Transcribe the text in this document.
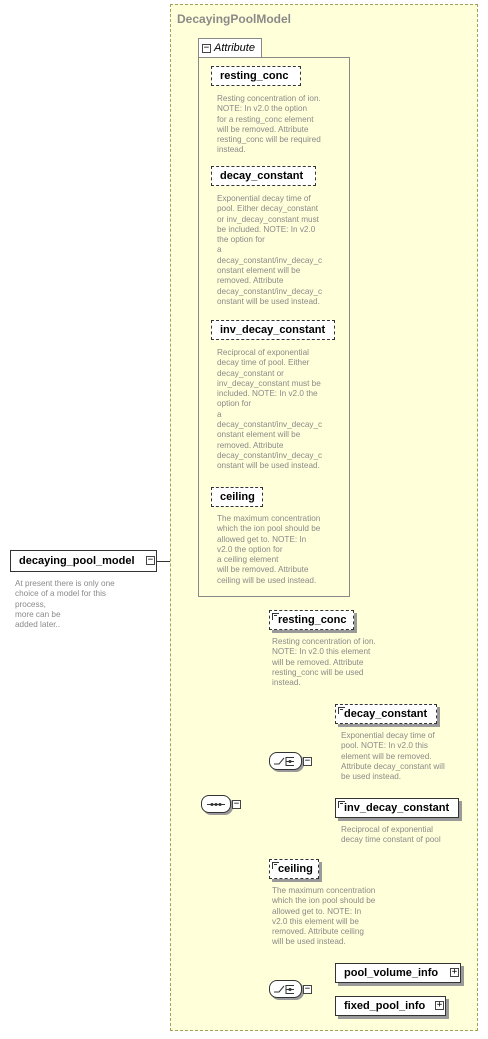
DecayingPoolModel
− Attribute
resting_conc
Resting concentration of ion.
NOTE: In v2.0 the option
for a resting_conc element
will be removed. Attribute
resting_conc will be required
instead.
decay_constant
Exponential decay time of
pool. Either decay_constant
or inv_decay_constant must
be included. NOTE: In v2.0
the option for
a
decay_constant/inv_decay_c
onstant element will be
removed. Attribute
decay_constant/inv_decay_c
onstant will be used instead.
inv_decay_constant
Reciprocal of exponential
decay time of pool. Either
decay_constant or
inv_decay_constant must be
included. NOTE: In v2.0 the
option for
a
decay_constant/inv_decay_c
onstant element will be
removed. Attribute
decay_constant/inv_decay_c
onstant will be used instead.
ceiling
The maximum concentration
which the ion pool should be
allowed get to. NOTE: In
v2.0 the option for
a ceiling element
will be removed. Attribute
ceiling will be used instead.
decaying_pool_model −
At present there is only one
choice of a model for this
process,
more can be
added later..
−
resting_conc
Resting concentration of ion.
NOTE: In v2.0 this element
will be removed. Attribute
resting_conc will be used
instead.
−
decay_constant
Exponential decay time of
pool. NOTE: In v2.0 this
element will be removed.
Attribute decay_constant will
be used instead.
inv_decay_constant
Reciprocal of exponential
decay time constant of pool
ceiling
The maximum concentration
which the ion pool should be
allowed get to. NOTE: In
v2.0 this element will be
removed. Attribute ceiling
will be used instead.
−
pool_volume_info +
fixed_pool_info +
